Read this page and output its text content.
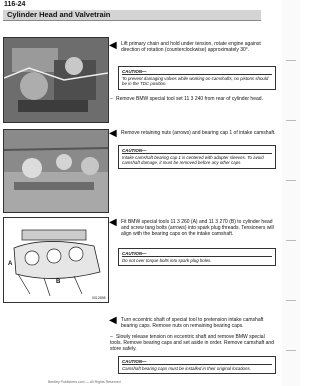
116-24
Cylinder Head and Valvetrain
◀ Lift primary chain and hold under tension, rotate engine against direction of rotation (counterclockwise) approximately 30°.
CAUTION—
To prevent damaging valves while working on camshafts, no pistons should be in the TDC position.
– Remove BMW special tool set 11 3 240 from rear of cylinder head.
◀ Remove retaining nuts (arrows) and bearing cap 1 of intake camshaft.
CAUTION—
Intake camshaft bearing cap 1 is centered with adapter sleeves. To avoid camshaft damage, it must be removed before any other caps.
A
B
0012898
◀ Fit BMW special tools 11 3 260 (A) and 11 3 270 (B) to cylinder head and screw tang bolts (arrows) into spark plug threads. Tensioners will align with the bearing caps on the intake camshaft.
CAUTION—
Do not over torque bolts into spark plug holes.
◀ Turn eccentric shaft of special tool to pretension intake camshaft bearing caps. Remove nuts on remaining bearing caps.
– Slowly release tension on eccentric shaft and remove BMW special tools. Remove bearing caps and set aside in order. Remove camshaft and store safely.
CAUTION—
Camshaft bearing caps must be installed in their original locations.
Bentley Publishers.com — All Rights Reserved
